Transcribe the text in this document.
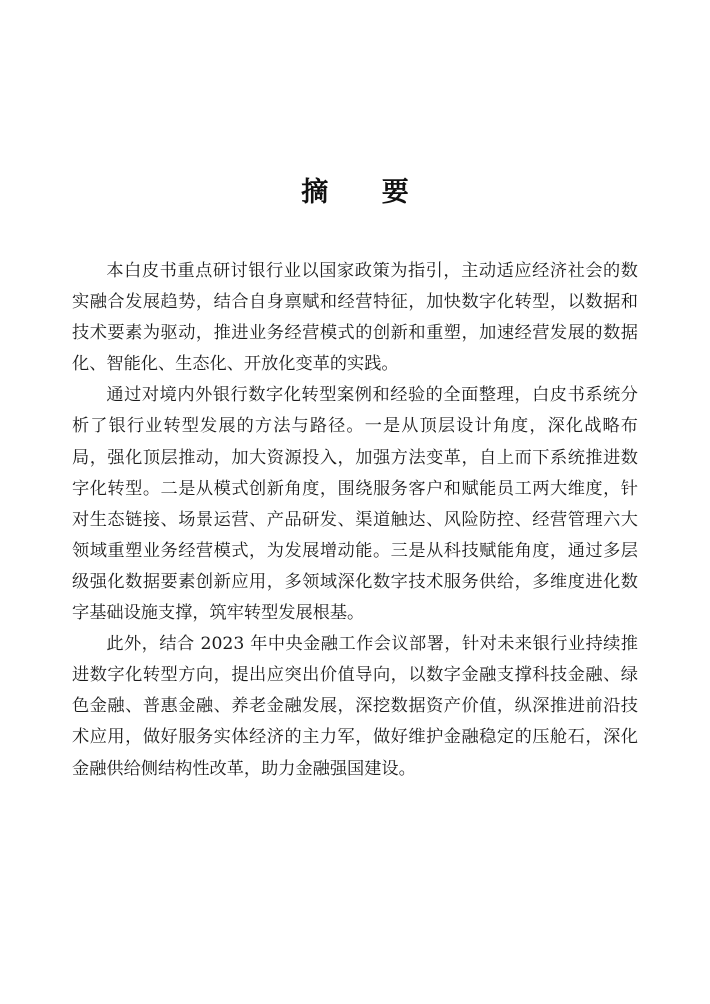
摘 要

本白皮书重点研讨银行业以国家政策为指引，主动适应经济社会的数实融合发展趋势，结合自身禀赋和经营特征，加快数字化转型，以数据和技术要素为驱动，推进业务经营模式的创新和重塑，加速经营发展的数据化、智能化、生态化、开放化变革的实践。

通过对境内外银行数字化转型案例和经验的全面整理，白皮书系统分析了银行业转型发展的方法与路径。一是从顶层设计角度，深化战略布局，强化顶层推动，加大资源投入，加强方法变革，自上而下系统推进数字化转型。二是从模式创新角度，围绕服务客户和赋能员工两大维度，针对生态链接、场景运营、产品研发、渠道触达、风险防控、经营管理六大领域重塑业务经营模式，为发展增动能。三是从科技赋能角度，通过多层级强化数据要素创新应用，多领域深化数字技术服务供给，多维度进化数字基础设施支撑，筑牢转型发展根基。

此外，结合 2023 年中央金融工作会议部署，针对未来银行业持续推进数字化转型方向，提出应突出价值导向，以数字金融支撑科技金融、绿色金融、普惠金融、养老金融发展，深挖数据资产价值，纵深推进前沿技术应用，做好服务实体经济的主力军，做好维护金融稳定的压舱石，深化金融供给侧结构性改革，助力金融强国建设。
